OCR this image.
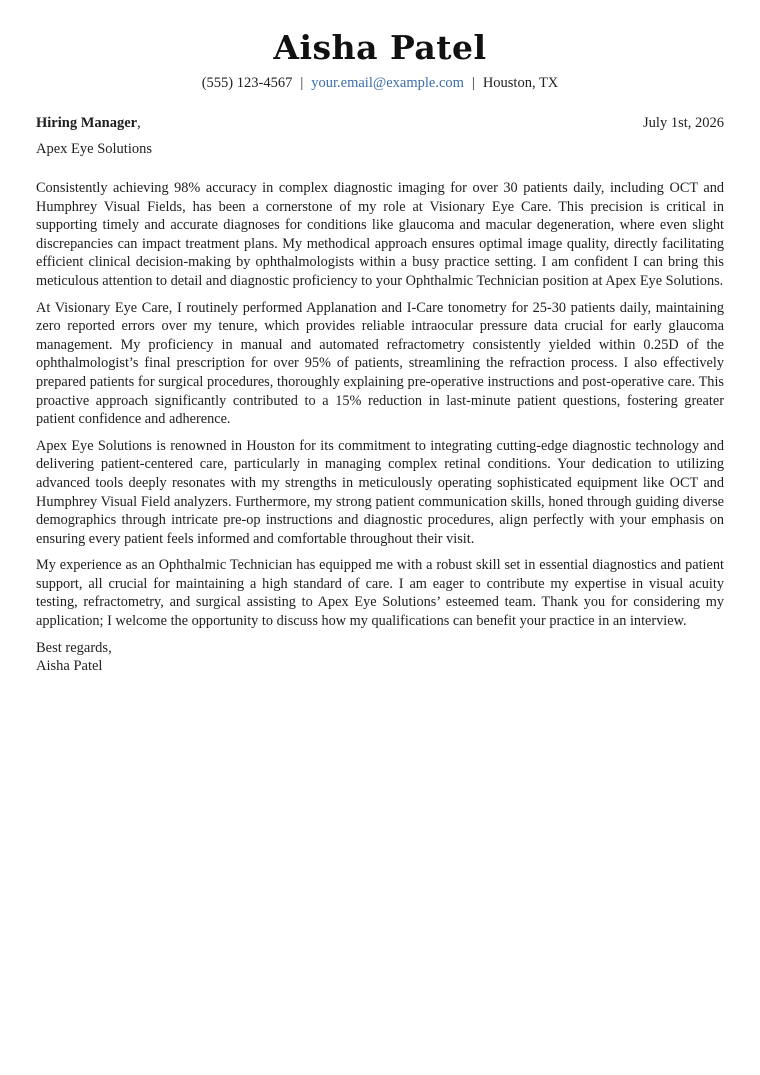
Aisha Patel
(555) 123-4567 | your.email@example.com | Houston, TX
Hiring Manager,	July 1st, 2026
Apex Eye Solutions

Consistently achieving 98% accuracy in complex diagnostic imaging for over 30 patients daily, including OCT and Humphrey Visual Fields, has been a cornerstone of my role at Visionary Eye Care. This precision is critical in supporting timely and accurate diagnoses for conditions like glaucoma and macular degeneration, where even slight discrepancies can impact treatment plans. My methodical approach ensures optimal image quality, directly facilitating efficient clinical decision-making by ophthalmologists within a busy practice setting. I am confident I can bring this meticulous attention to detail and diagnostic proficiency to your Ophthalmic Technician position at Apex Eye Solutions.

At Visionary Eye Care, I routinely performed Applanation and I-Care tonometry for 25-30 patients daily, maintaining zero reported errors over my tenure, which provides reliable intraocular pressure data crucial for early glaucoma management. My proficiency in manual and automated refractometry consistently yielded within 0.25D of the ophthalmologist’s final prescription for over 95% of patients, streamlining the refraction process. I also effectively prepared patients for surgical procedures, thoroughly explaining pre-operative instructions and post-operative care. This proactive approach significantly contributed to a 15% reduction in last-minute patient questions, fostering greater patient confidence and adherence.

Apex Eye Solutions is renowned in Houston for its commitment to integrating cutting-edge diagnostic technology and delivering patient-centered care, particularly in managing complex retinal conditions. Your dedication to utilizing advanced tools deeply resonates with my strengths in meticulously operating sophisticated equipment like OCT and Humphrey Visual Field analyzers. Furthermore, my strong patient communication skills, honed through guiding diverse demographics through intricate pre-op instructions and diagnostic procedures, align perfectly with your emphasis on ensuring every patient feels informed and comfortable throughout their visit.

My experience as an Ophthalmic Technician has equipped me with a robust skill set in essential diagnostics and patient support, all crucial for maintaining a high standard of care. I am eager to contribute my expertise in visual acuity testing, refractometry, and surgical assisting to Apex Eye Solutions’ esteemed team. Thank you for considering my application; I welcome the opportunity to discuss how my qualifications can benefit your practice in an interview.

Best regards,
Aisha Patel
